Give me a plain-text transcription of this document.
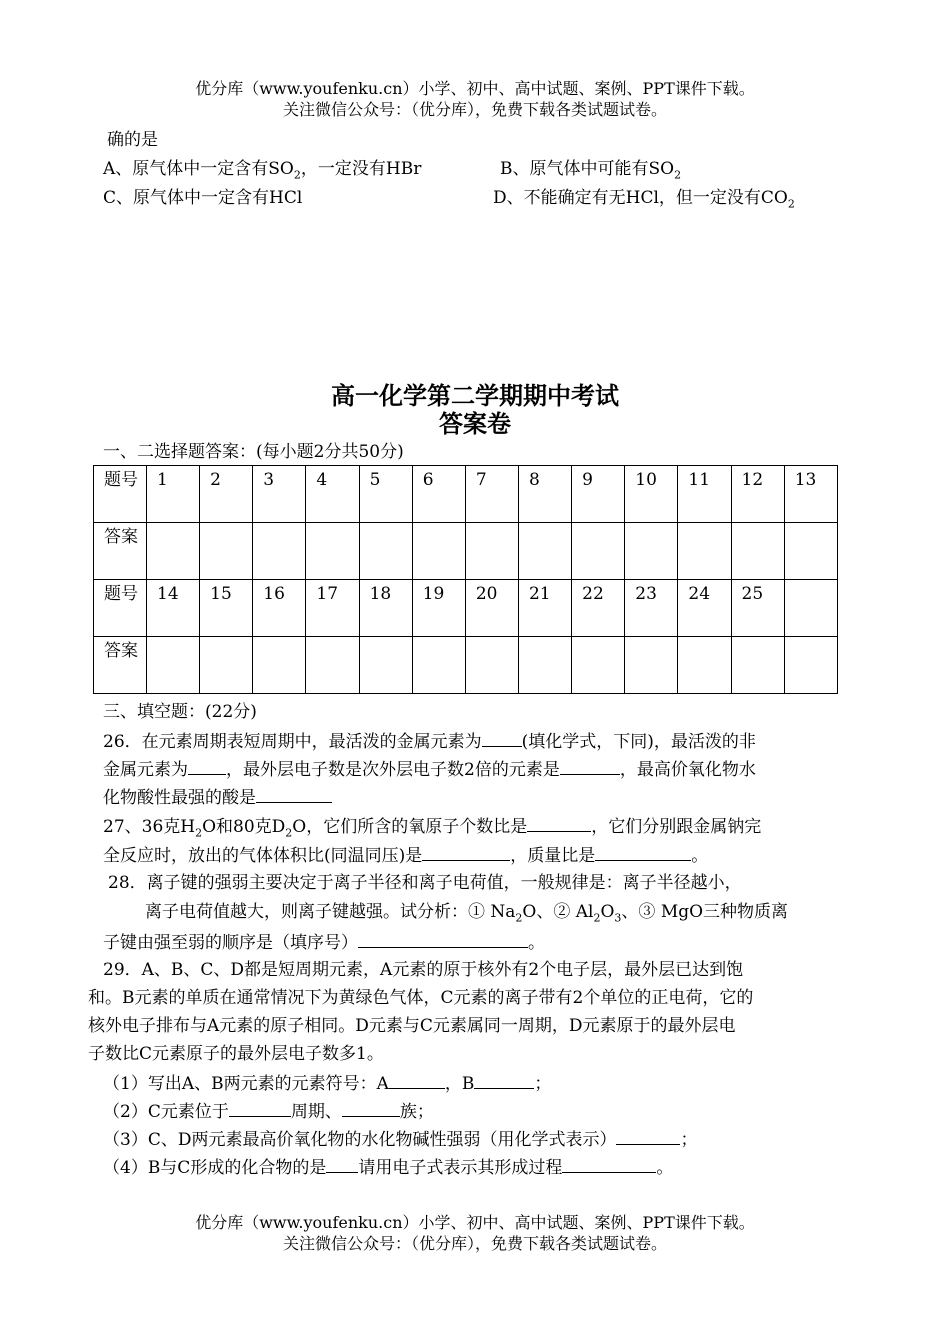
优分库（www.youfenku.cn）小学、初中、高中试题、案例、PPT课件下载。
关注微信公众号：（优分库），免费下载各类试题试卷。
确的是
A、原气体中一定含有$SO_2$，一定没有HBr	B、原气体中可能有$SO_2$
C、原气体中一定含有HCl	D、不能确定有无HCl，但一定没有$CO_2$
高一化学第二学期期中考试
答案卷
一、二选择题答案：(每小题2分共50分)
题号	1	2	3	4	5	6	7	8	9	10	11	12	13
答案													
题号	14	15	16	17	18	19	20	21	22	23	24	25	
答案													
三、填空题：(22分)
26．在元素周期表短周期中，最活泼的金属元素为 (填化学式，下同)，最活泼的非
金属元素为 ，最外层电子数是次外层电子数2倍的元素是	，最高价氧化物水
化物酸性最强的酸是
27、36克$H_2O$和80克$D_2O$，它们所含的氧原子个数比是	，它们分别跟金属钠完
全反应时，放出的气体体积比(同温同压)是	，质量比是	。
28．离子键的强弱主要决定于离子半径和离子电荷值，一般规律是：离子半径越小，
离子电荷值越大，则离子键越强。试分析：① $Na_2O$、② $Al_2O_3$、③ MgO三种物质离
子键由强至弱的顺序是（填序号）	。
29．A、B、C、D都是短周期元素，A元素的原于核外有2个电子层，最外层已达到饱
和。B元素的单质在通常情况下为黄绿色气体，C元素的离子带有2个单位的正电荷，它的
核外电子排布与A元素的原子相同。D元素与C元素属同一周期，D元素原于的最外层电
子数比C元素原子的最外层电子数多1。
（1）写出A、B两元素的元素符号：A	，B	；
（2）C元素位于	周期、	族；
（3）C、D两元素最高价氧化物的水化物碱性强弱（用化学式表示）	；
（4）B与C形成的化合物的是 请用电子式表示其形成过程	。
优分库（www.youfenku.cn）小学、初中、高中试题、案例、PPT课件下载。
关注微信公众号：（优分库），免费下载各类试题试卷。
